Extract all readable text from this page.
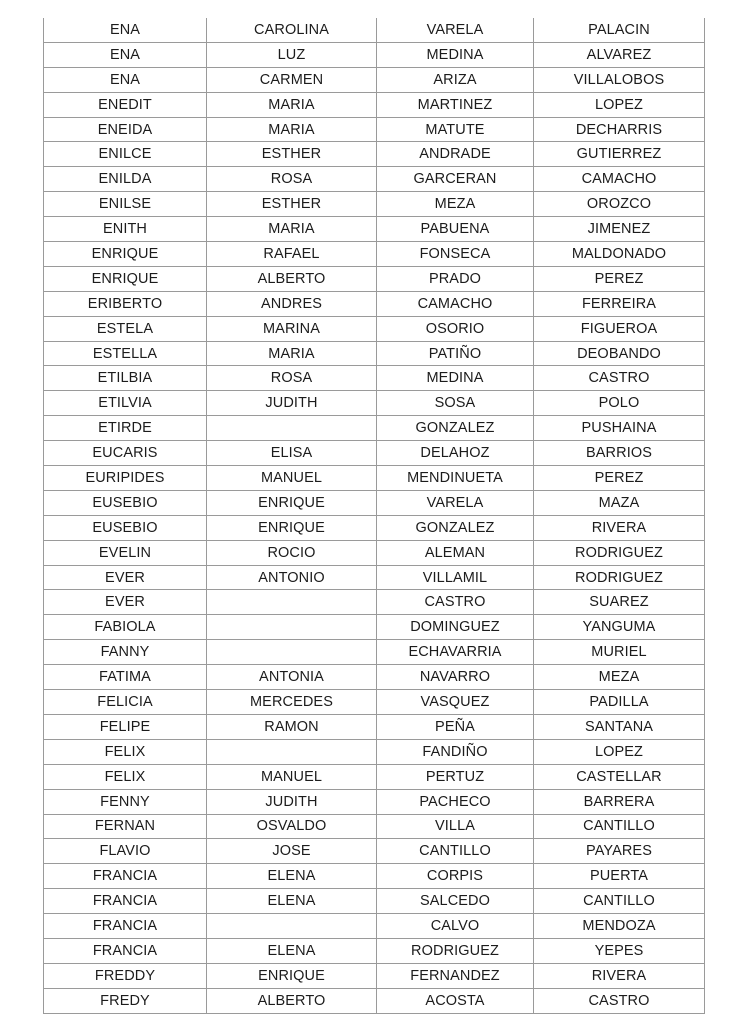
ENA	CAROLINA	VARELA	PALACIN
ENA	LUZ	MEDINA	ALVAREZ
ENA	CARMEN	ARIZA	VILLALOBOS
ENEDIT	MARIA	MARTINEZ	LOPEZ
ENEIDA	MARIA	MATUTE	DECHARRIS
ENILCE	ESTHER	ANDRADE	GUTIERREZ
ENILDA	ROSA	GARCERAN	CAMACHO
ENILSE	ESTHER	MEZA	OROZCO
ENITH	MARIA	PABUENA	JIMENEZ
ENRIQUE	RAFAEL	FONSECA	MALDONADO
ENRIQUE	ALBERTO	PRADO	PEREZ
ERIBERTO	ANDRES	CAMACHO	FERREIRA
ESTELA	MARINA	OSORIO	FIGUEROA
ESTELLA	MARIA	PATIÑO	DEOBANDO
ETILBIA	ROSA	MEDINA	CASTRO
ETILVIA	JUDITH	SOSA	POLO
ETIRDE		GONZALEZ	PUSHAINA
EUCARIS	ELISA	DELAHOZ	BARRIOS
EURIPIDES	MANUEL	MENDINUETA	PEREZ
EUSEBIO	ENRIQUE	VARELA	MAZA
EUSEBIO	ENRIQUE	GONZALEZ	RIVERA
EVELIN	ROCIO	ALEMAN	RODRIGUEZ
EVER	ANTONIO	VILLAMIL	RODRIGUEZ
EVER		CASTRO	SUAREZ
FABIOLA		DOMINGUEZ	YANGUMA
FANNY		ECHAVARRIA	MURIEL
FATIMA	ANTONIA	NAVARRO	MEZA
FELICIA	MERCEDES	VASQUEZ	PADILLA
FELIPE	RAMON	PEÑA	SANTANA
FELIX		FANDIÑO	LOPEZ
FELIX	MANUEL	PERTUZ	CASTELLAR
FENNY	JUDITH	PACHECO	BARRERA
FERNAN	OSVALDO	VILLA	CANTILLO
FLAVIO	JOSE	CANTILLO	PAYARES
FRANCIA	ELENA	CORPIS	PUERTA
FRANCIA	ELENA	SALCEDO	CANTILLO
FRANCIA		CALVO	MENDOZA
FRANCIA	ELENA	RODRIGUEZ	YEPES
FREDDY	ENRIQUE	FERNANDEZ	RIVERA
FREDY	ALBERTO	ACOSTA	CASTRO
